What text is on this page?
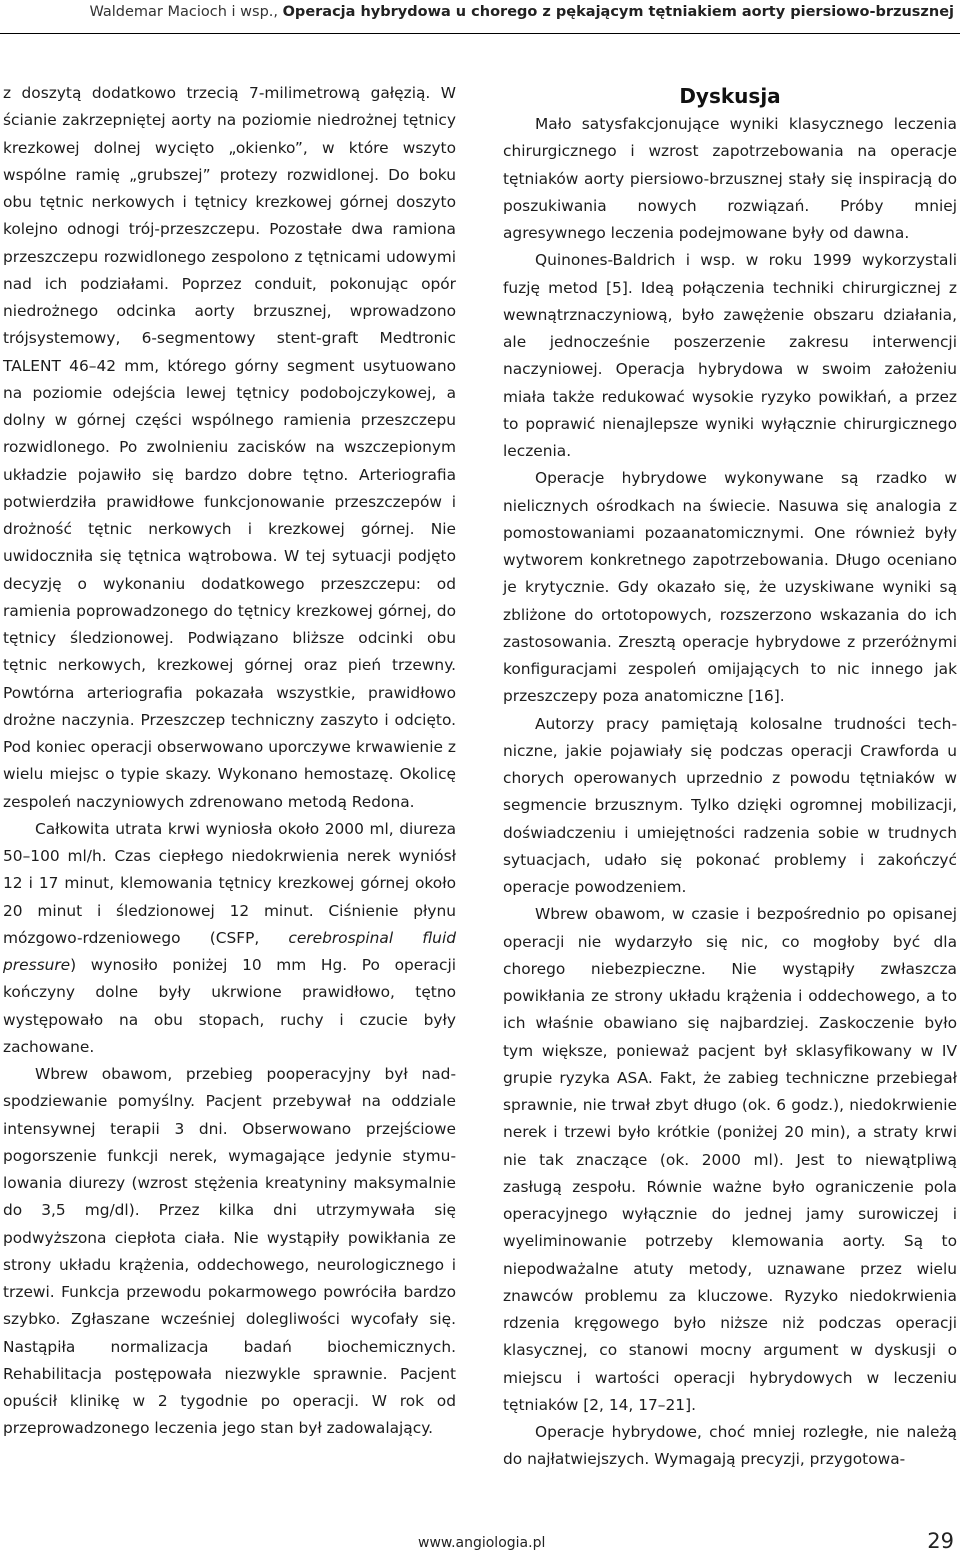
Waldemar Macioch i wsp., Operacja hybrydowa u chorego z pękającym tętniakiem aorty piersiowo-brzusznej

z doszytą dodatkowo trzecią 7-milimetrową gałęzią. W ścianie zakrzepniętej aorty na poziomie niedrożnej tętnicy krezkowej dolnej wycięto „okienko”, w które wszyto wspólne ramię „grubszej” protezy rozwidlonej. Do boku obu tętnic nerkowych i tętnicy krezkowej górnej doszyto kolejno odnogi trój-przeszczepu. Pozostałe dwa ramiona przeszczepu rozwidlonego zespolono z tętnicami udowymi nad ich podziałami. Poprzez conduit, pokonując opór niedrożnego odcinka aorty brzusznej, wprowadzono trójsystemowy, 6-segmentowy stent-graft Medtronic TALENT 46–42 mm, którego górny segment usytuowano na poziomie odejścia lewej tętnicy podobojczykowej, a dolny w górnej części wspólnego ramienia przeszczepu rozwidlonego. Po zwolnieniu zacisków na wszczepionym układzie pojawiło się bardzo dobre tętno. Arteriografia potwierdziła prawidłowe funkcjonowanie przeszczepów i drożność tętnic nerkowych i krezkowej górnej. Nie uwidoczniła się tętnica wątrobowa. W tej sytuacji podjęto decyzję o wykonaniu dodatkowego przeszczepu: od ramienia poprowadzonego do tętnicy krezkowej górnej, do tętnicy śledzionowej. Podwiązano bliższe odcinki obu tętnic nerkowych, krezkowej górnej oraz pień trzewny. Powtórna arteriografia pokazała wszystkie, prawidłowo drożne naczynia. Przeszczep techniczny zaszyto i odcięto. Pod koniec operacji obserwowano uporczywe krwawienie z wielu miejsc o typie skazy. Wykonano hemostazę. Okolicę zespoleń naczyniowych zdrenowano metodą Redona.

Całkowita utrata krwi wyniosła około 2000 ml, diureza 50–100 ml/h. Czas ciepłego niedokrwienia nerek wyniósł 12 i 17 minut, klemowania tętnicy krezkowej górnej około 20 minut i śledzionowej 12 minut. Ciśnienie płynu mózgowo-rdzeniowego (CSFP, cerebrospinal fluid pressure) wynosiło poniżej 10 mm Hg. Po operacji kończyny dolne były ukrwione prawidłowo, tętno występowało na obu stopach, ruchy i czucie były zachowane.

Wbrew obawom, przebieg pooperacyjny był nadspodziewanie pomyślny. Pacjent przebywał na oddziale intensywnej terapii 3 dni. Obserwowano przejściowe pogorszenie funkcji nerek, wymagające jedynie stymulowania diurezy (wzrost stężenia kreatyniny maksymalnie do 3,5 mg/dl). Przez kilka dni utrzymywała się podwyższona ciepłota ciała. Nie wystąpiły powikłania ze strony układu krążenia, oddechowego, neurologicznego i trzewi. Funkcja przewodu pokarmowego powróciła bardzo szybko. Zgłaszane wcześniej dolegliwości wycofały się. Nastąpiła normalizacja badań biochemicznych. Rehabilitacja postępowała niezwykle sprawnie. Pacjent opuścił klinikę w 2 tygodnie po operacji. W rok od przeprowadzonego leczenia jego stan był zadowalający.

Dyskusja

Mało satysfakcjonujące wyniki klasycznego leczenia chirurgicznego i wzrost zapotrzebowania na operacje tętniaków aorty piersiowo-brzusznej stały się inspiracją do poszukiwania nowych rozwiązań. Próby mniej agresywnego leczenia podejmowane były od dawna.

Quinones-Baldrich i wsp. w roku 1999 wykorzystali fuzję metod [5]. Ideą połączenia techniki chirurgicznej z wewnątrznaczyniową, było zawężenie obszaru działania, ale jednocześnie poszerzenie zakresu interwencji naczyniowej. Operacja hybrydowa w swoim założeniu miała także redukować wysokie ryzyko powikłań, a przez to poprawić nienajlepsze wyniki wyłącznie chirurgicznego leczenia.

Operacje hybrydowe wykonywane są rzadko w nielicznych ośrodkach na świecie. Nasuwa się analogia z pomostowaniami pozaanatomicznymi. One również były wytworem konkretnego zapotrzebowania. Długo oceniano je krytycznie. Gdy okazało się, że uzyskiwane wyniki są zbliżone do ortotopowych, rozszerzono wskazania do ich zastosowania. Zresztą operacje hybrydowe z przeróżnymi konfiguracjami zespoleń omijających to nic innego jak przeszczepy poza anatomiczne [16].

Autorzy pracy pamiętają kolosalne trudności techniczne, jakie pojawiały się podczas operacji Crawforda u chorych operowanych uprzednio z powodu tętniaków w segmencie brzusznym. Tylko dzięki ogromnej mobilizacji, doświadczeniu i umiejętności radzenia sobie w trudnych sytuacjach, udało się pokonać problemy i zakończyć operacje powodzeniem.

Wbrew obawom, w czasie i bezpośrednio po opisanej operacji nie wydarzyło się nic, co mogłoby być dla chorego niebezpieczne. Nie wystąpiły zwłaszcza powikłania ze strony układu krążenia i oddechowego, a to ich właśnie obawiano się najbardziej. Zaskoczenie było tym większe, ponieważ pacjent był sklasyfikowany w IV grupie ryzyka ASA. Fakt, że zabieg techniczne przebiegał sprawnie, nie trwał zbyt długo (ok. 6 godz.), niedokrwienie nerek i trzewi było krótkie (poniżej 20 min), a straty krwi nie tak znaczące (ok. 2000 ml). Jest to niewątpliwą zasługą zespołu. Równie ważne było ograniczenie pola operacyjnego wyłącznie do jednej jamy surowiczej i wyeliminowanie potrzeby klemowania aorty. Są to niepodważalne atuty metody, uznawane przez wielu znawców problemu za kluczowe. Ryzyko niedokrwienia rdzenia kręgowego było niższe niż podczas operacji klasycznej, co stanowi mocny argument w dyskusji o miejscu i wartości operacji hybrydowych w leczeniu tętniaków [2, 14, 17–21].

Operacje hybrydowe, choć mniej rozległe, nie należą do najłatwiejszych. Wymagają precyzji, przygotowa-

www.angiologia.pl	29
